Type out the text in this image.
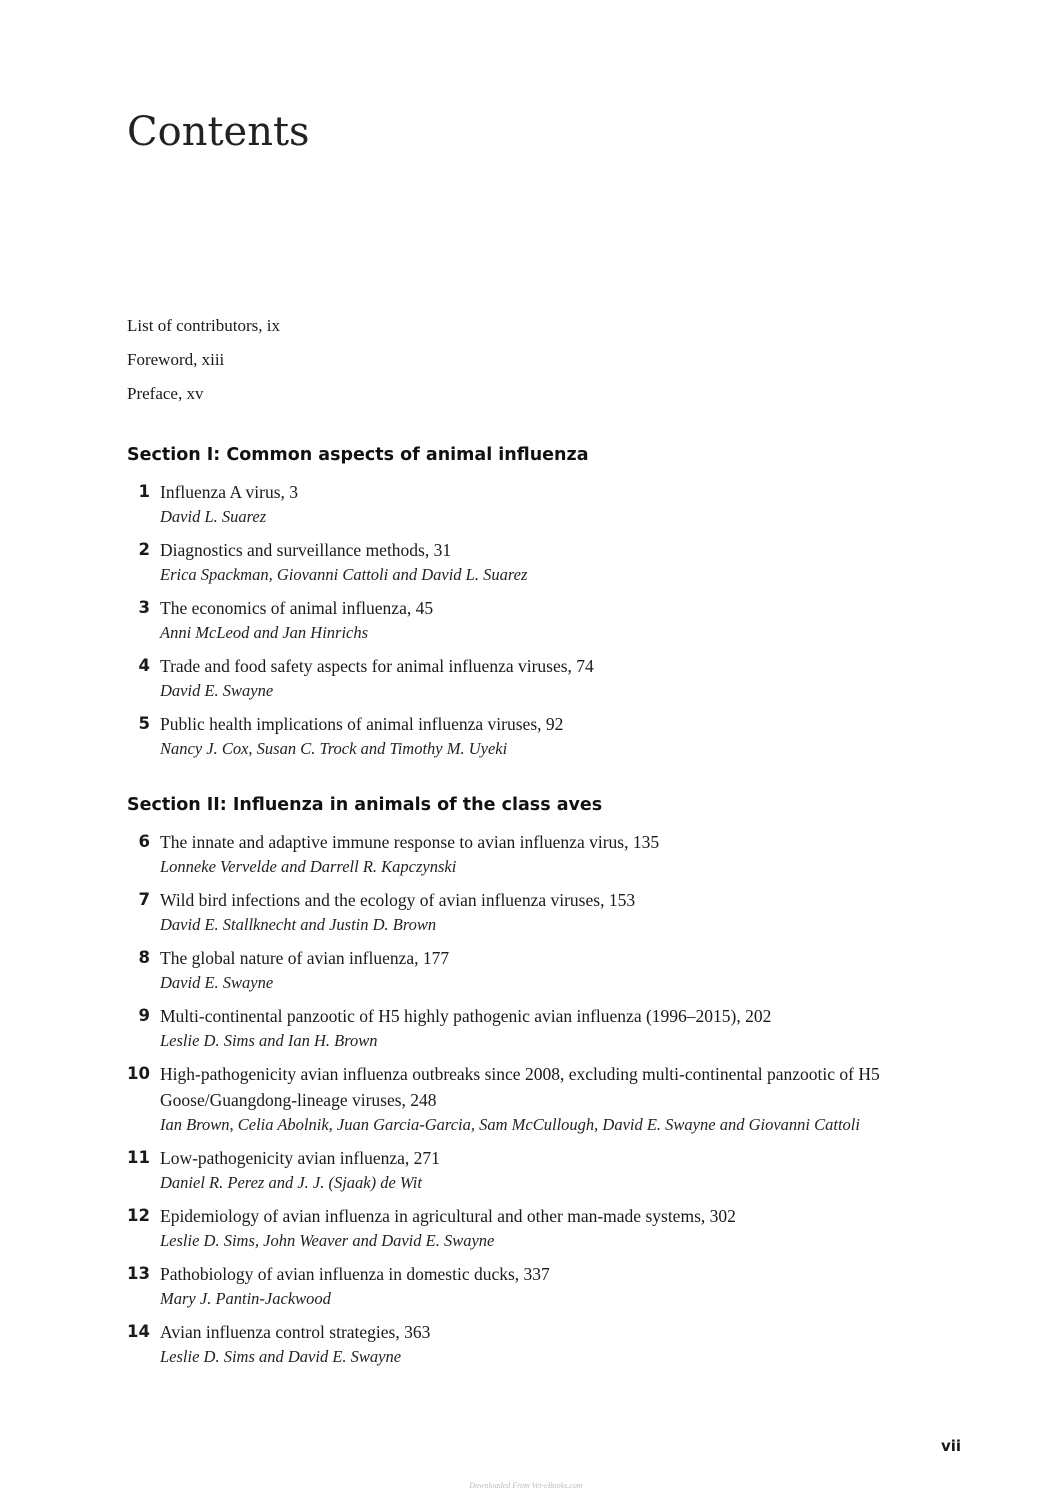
Contents
List of contributors, ix
Foreword, xiii
Preface, xv
Section I: Common aspects of animal influenza
1 Influenza A virus, 3
David L. Suarez
2 Diagnostics and surveillance methods, 31
Erica Spackman, Giovanni Cattoli and David L. Suarez
3 The economics of animal influenza, 45
Anni McLeod and Jan Hinrichs
4 Trade and food safety aspects for animal influenza viruses, 74
David E. Swayne
5 Public health implications of animal influenza viruses, 92
Nancy J. Cox, Susan C. Trock and Timothy M. Uyeki
Section II: Influenza in animals of the class aves
6 The innate and adaptive immune response to avian influenza virus, 135
Lonneke Vervelde and Darrell R. Kapczynski
7 Wild bird infections and the ecology of avian influenza viruses, 153
David E. Stallknecht and Justin D. Brown
8 The global nature of avian influenza, 177
David E. Swayne
9 Multi-continental panzootic of H5 highly pathogenic avian influenza (1996–2015), 202
Leslie D. Sims and Ian H. Brown
10 High-pathogenicity avian influenza outbreaks since 2008, excluding multi-continental panzootic of H5 Goose/Guangdong-lineage viruses, 248
Ian Brown, Celia Abolnik, Juan Garcia-Garcia, Sam McCullough, David E. Swayne and Giovanni Cattoli
11 Low-pathogenicity avian influenza, 271
Daniel R. Perez and J. J. (Sjaak) de Wit
12 Epidemiology of avian influenza in agricultural and other man-made systems, 302
Leslie D. Sims, John Weaver and David E. Swayne
13 Pathobiology of avian influenza in domestic ducks, 337
Mary J. Pantin-Jackwood
14 Avian influenza control strategies, 363
Leslie D. Sims and David E. Swayne
vii
Downloaded From Vet-eBooks.com
